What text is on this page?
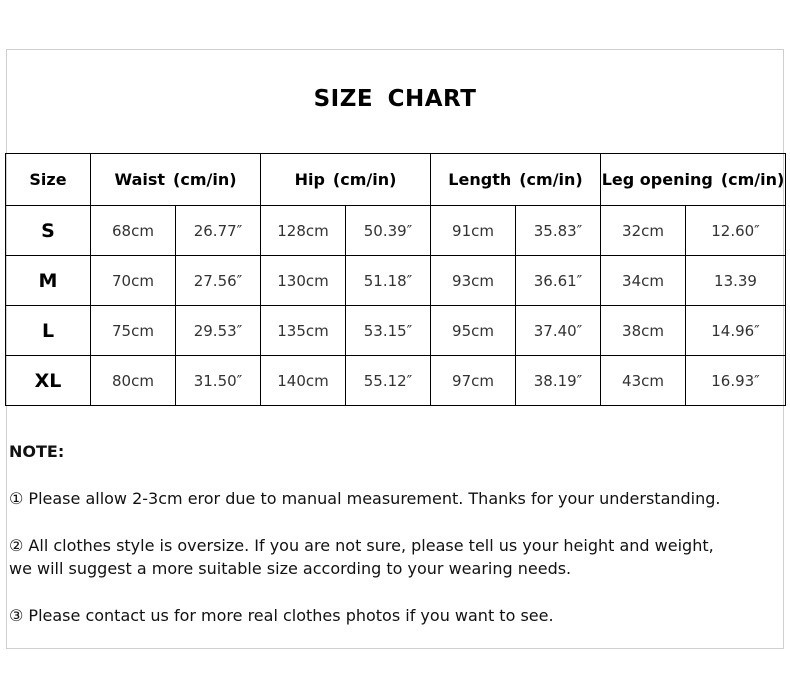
SIZE CHART
Size	Waist (cm/in)		Hip (cm/in)		Length (cm/in)		Leg opening (cm/in)	
S	68cm	26.77″	128cm	50.39″	91cm	35.83″	32cm	12.60″
M	70cm	27.56″	130cm	51.18″	93cm	36.61″	34cm	13.39
L	75cm	29.53″	135cm	53.15″	95cm	37.40″	38cm	14.96″
XL	80cm	31.50″	140cm	55.12″	97cm	38.19″	43cm	16.93″
NOTE:
① Please allow 2-3cm eror due to manual measurement. Thanks for your understanding.
② All clothes style is oversize. If you are not sure, please tell us your height and weight,
we will suggest a more suitable size according to your wearing needs.
③ Please contact us for more real clothes photos if you want to see.
